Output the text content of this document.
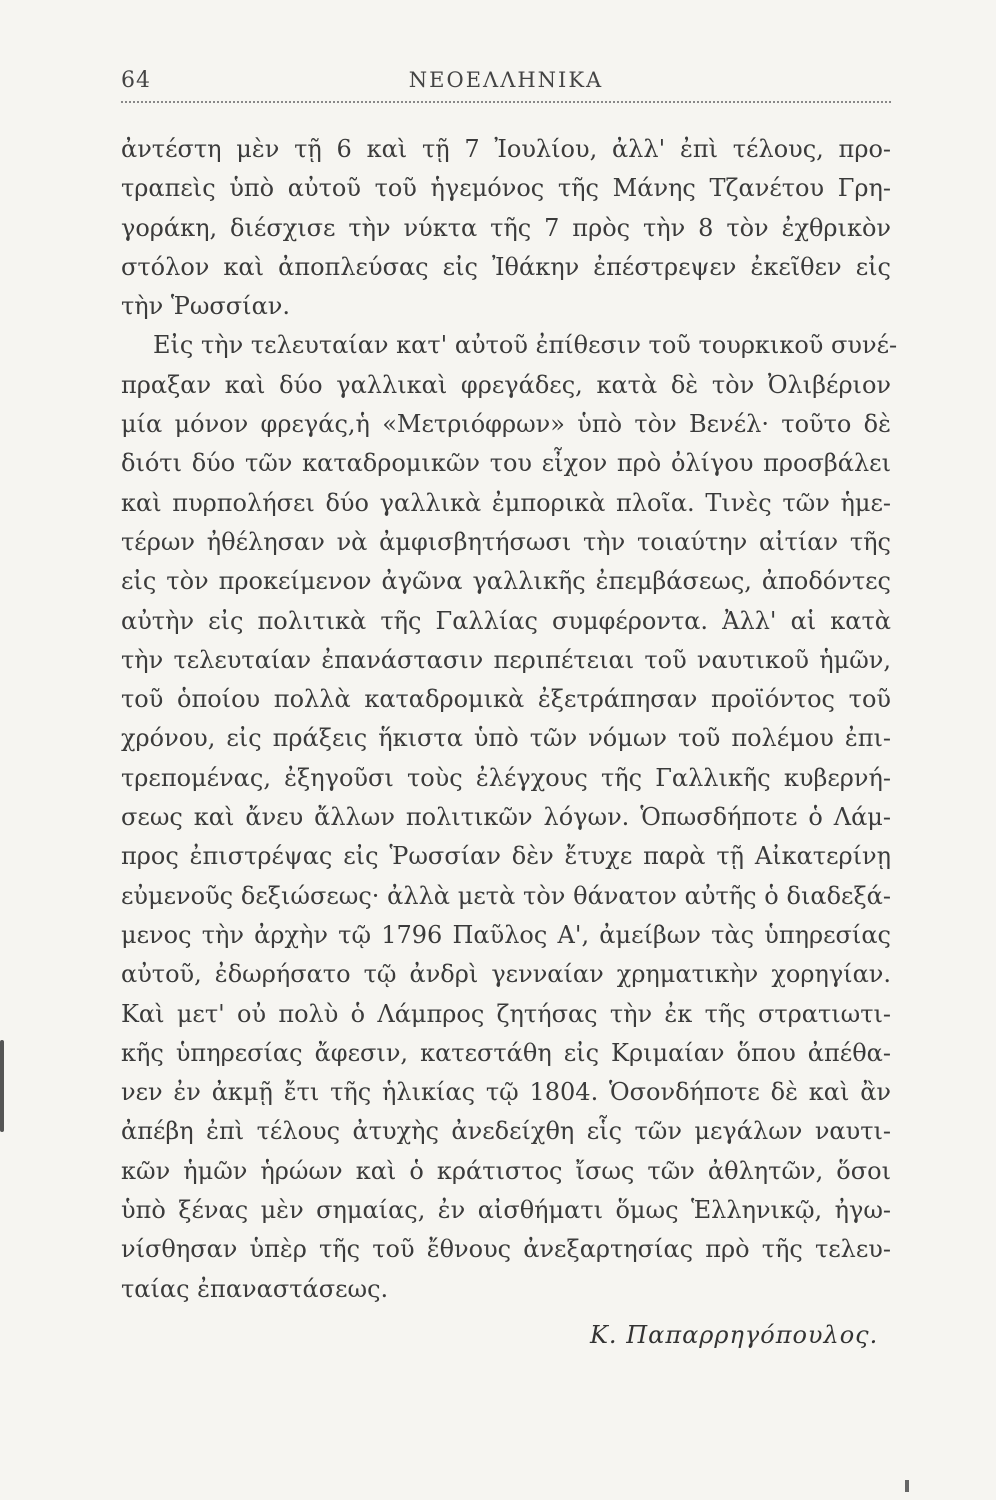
64	ΝΕΟΕΛΛΗΝΙΚΑ
ἀντέστη μὲν τῇ 6 καὶ τῇ 7 Ἰουλίου, ἀλλ' ἐπὶ τέλους, προ-
τραπεὶς ὑπὸ αὐτοῦ τοῦ ἡγεμόνος τῆς Μάνης Τζανέτου Γρη-
γοράκη, διέσχισε τὴν νύκτα τῆς 7 πρὸς τὴν 8 τὸν ἐχθρικὸν
στόλον καὶ ἀποπλεύσας εἰς Ἰθάκην ἐπέστρεψεν ἐκεῖθεν εἰς
τὴν Ῥωσσίαν.
Εἰς τὴν τελευταίαν κατ' αὐτοῦ ἐπίθεσιν τοῦ τουρκικοῦ συνέ-
πραξαν καὶ δύο γαλλικαὶ φρεγάδες, κατὰ δὲ τὸν Ὀλιβέριον
μία μόνον φρεγάς,ἡ «Μετριόφρων» ὑπὸ τὸν Βενέλ· τοῦτο δὲ
διότι δύο τῶν καταδρομικῶν του εἶχον πρὸ ὀλίγου προσβάλει
καὶ πυρπολήσει δύο γαλλικὰ ἐμπορικὰ πλοῖα. Τινὲς τῶν ἡμε-
τέρων ἠθέλησαν νὰ ἀμφισβητήσωσι τὴν τοιαύτην αἰτίαν τῆς
εἰς τὸν προκείμενον ἀγῶνα γαλλικῆς ἐπεμβάσεως, ἀποδόντες
αὐτὴν εἰς πολιτικὰ τῆς Γαλλίας συμφέροντα. Ἀλλ' αἱ κατὰ
τὴν τελευταίαν ἐπανάστασιν περιπέτειαι τοῦ ναυτικοῦ ἡμῶν,
τοῦ ὁποίου πολλὰ καταδρομικὰ ἐξετράπησαν προϊόντος τοῦ
χρόνου, εἰς πράξεις ἥκιστα ὑπὸ τῶν νόμων τοῦ πολέμου ἐπι-
τρεπομένας, ἐξηγοῦσι τοὺς ἐλέγχους τῆς Γαλλικῆς κυβερνή-
σεως καὶ ἄνευ ἄλλων πολιτικῶν λόγων. Ὁπωσδήποτε ὁ Λάμ-
προς ἐπιστρέψας εἰς Ῥωσσίαν δὲν ἔτυχε παρὰ τῇ Αἰκατερίνῃ
εὐμενοῦς δεξιώσεως· ἀλλὰ μετὰ τὸν θάνατον αὐτῆς ὁ διαδεξά-
μενος τὴν ἀρχὴν τῷ 1796 Παῦλος Α', ἀμείβων τὰς ὑπηρεσίας
αὐτοῦ, ἐδωρήσατο τῷ ἀνδρὶ γενναίαν χρηματικὴν χορηγίαν.
Καὶ μετ' οὐ πολὺ ὁ Λάμπρος ζητήσας τὴν ἐκ τῆς στρατιωτι-
κῆς ὑπηρεσίας ἄφεσιν, κατεστάθη εἰς Κριμαίαν ὅπου ἀπέθα-
νεν ἐν ἀκμῇ ἔτι τῆς ἡλικίας τῷ 1804. Ὁσονδήποτε δὲ καὶ ἂν
ἀπέβη ἐπὶ τέλους ἀτυχὴς ἀνεδείχθη εἷς τῶν μεγάλων ναυτι-
κῶν ἡμῶν ἡρώων καὶ ὁ κράτιστος ἴσως τῶν ἀθλητῶν, ὅσοι
ὑπὸ ξένας μὲν σημαίας, ἐν αἰσθήματι ὅμως Ἑλληνικῷ, ἠγω-
νίσθησαν ὑπὲρ τῆς τοῦ ἔθνους ἀνεξαρτησίας πρὸ τῆς τελευ-
ταίας ἐπαναστάσεως.
Κ. Παπαρρηγόπουλος.
